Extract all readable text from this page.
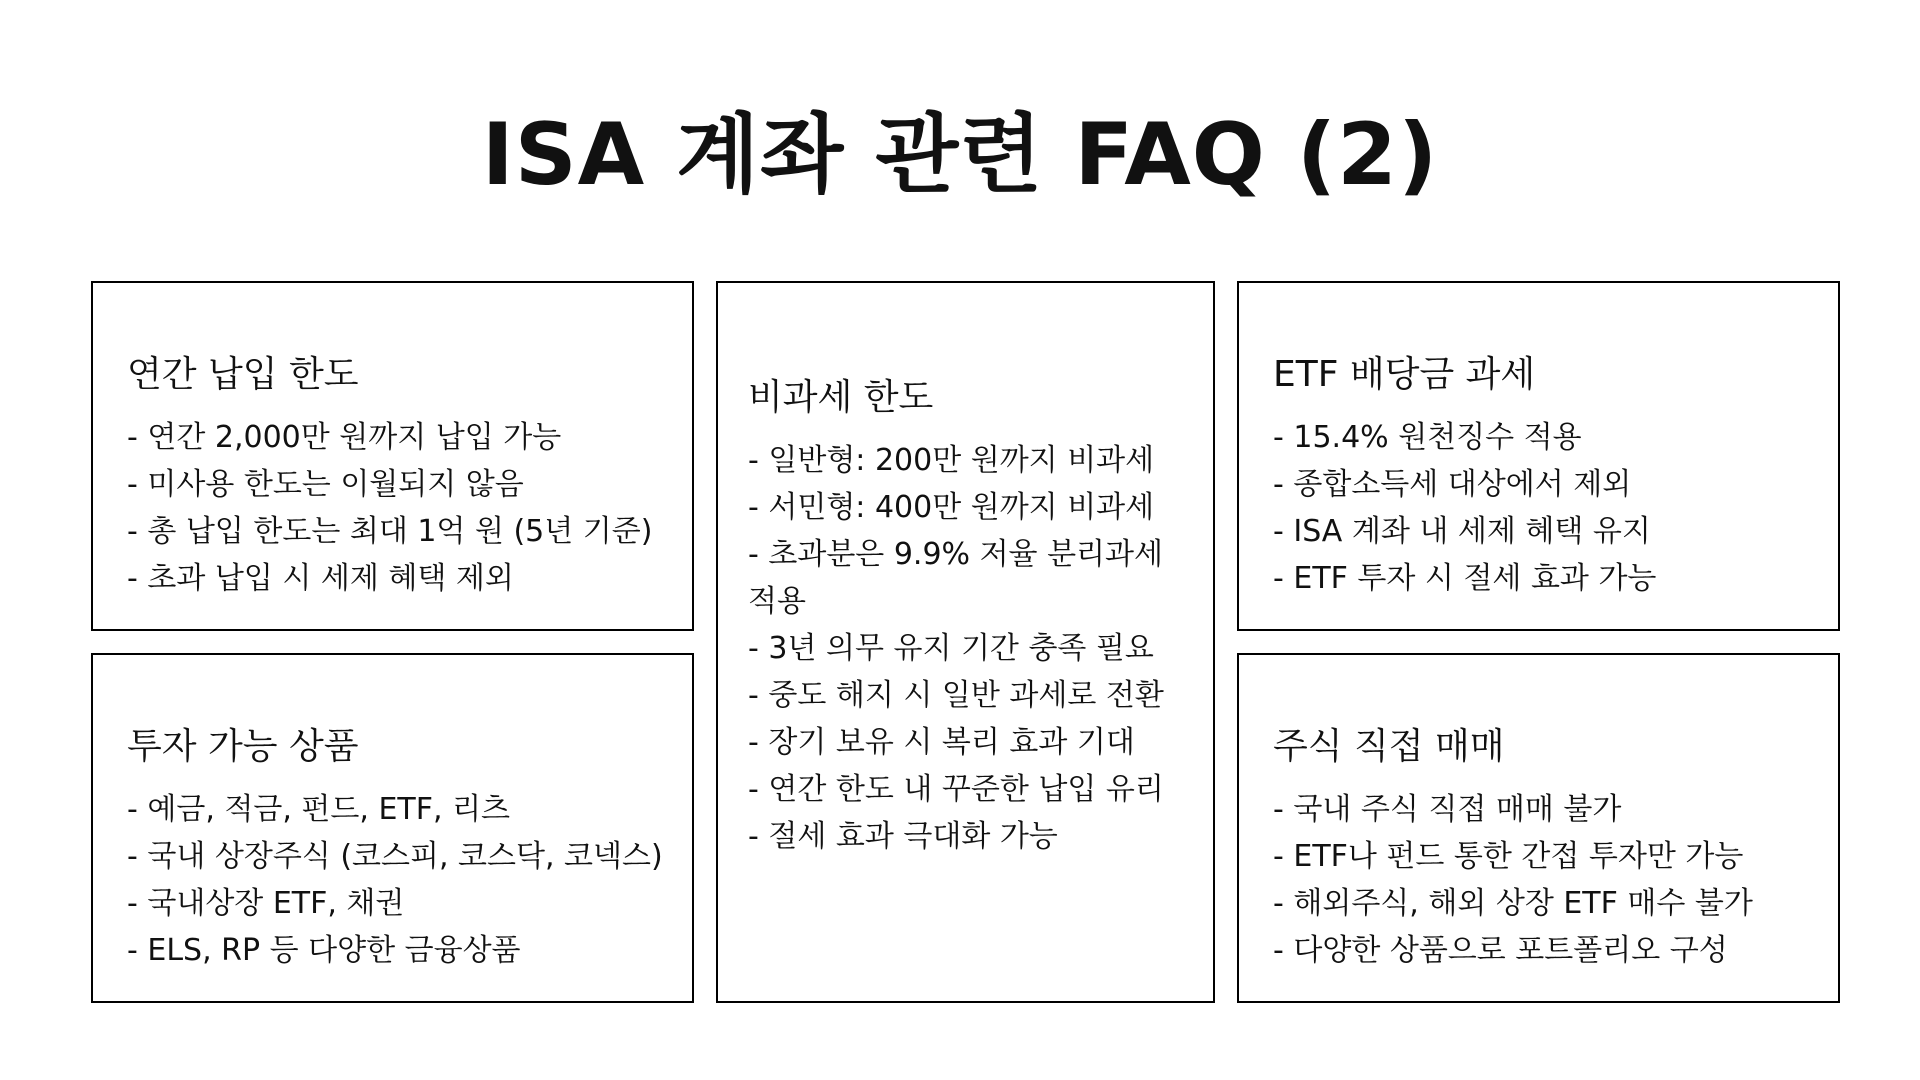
ISA 계좌 관련 FAQ (2)
연간 납입 한도
- 연간 2,000만 원까지 납입 가능
- 미사용 한도는 이월되지 않음
- 총 납입 한도는 최대 1억 원 (5년 기준)
- 초과 납입 시 세제 혜택 제외
투자 가능 상품
- 예금, 적금, 펀드, ETF, 리츠
- 국내 상장주식 (코스피, 코스닥, 코넥스)
- 국내상장 ETF, 채권
- ELS, RP 등 다양한 금융상품
비과세 한도
- 일반형: 200만 원까지 비과세
- 서민형: 400만 원까지 비과세
- 초과분은 9.9% 저율 분리과세 적용
- 3년 의무 유지 기간 충족 필요
- 중도 해지 시 일반 과세로 전환
- 장기 보유 시 복리 효과 기대
- 연간 한도 내 꾸준한 납입 유리
- 절세 효과 극대화 가능
ETF 배당금 과세
- 15.4% 원천징수 적용
- 종합소득세 대상에서 제외
- ISA 계좌 내 세제 혜택 유지
- ETF 투자 시 절세 효과 가능
주식 직접 매매
- 국내 주식 직접 매매 불가
- ETF나 펀드 통한 간접 투자만 가능
- 해외주식, 해외 상장 ETF 매수 불가
- 다양한 상품으로 포트폴리오 구성
